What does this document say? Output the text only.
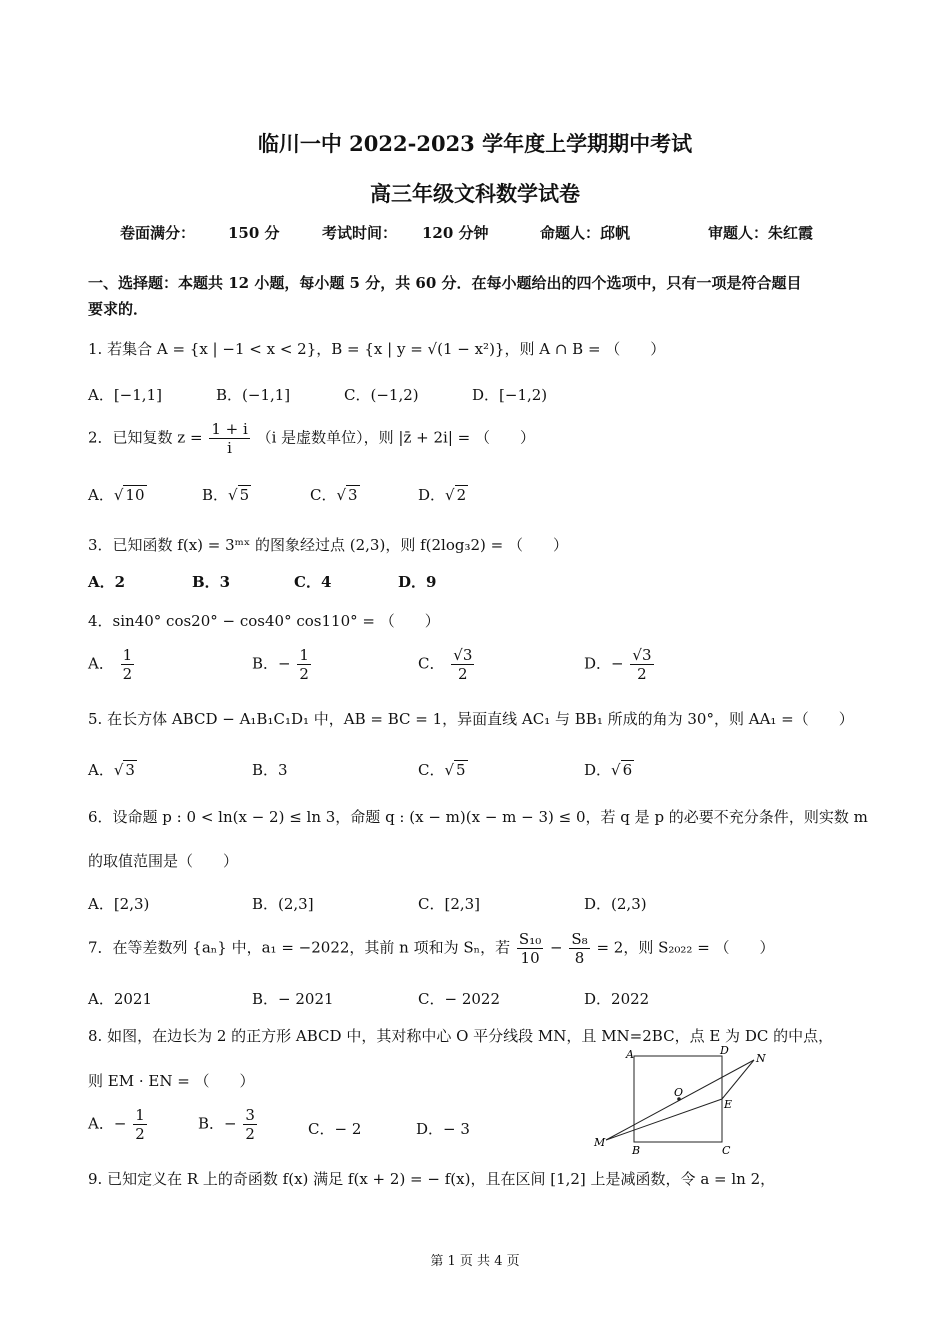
临川一中 2022-2023 学年度上学期期中考试
高三年级文科数学试卷
卷面满分： 150 分	考试时间： 120 分钟	命题人：邱帆	审题人：朱红霞
一、选择题：本题共 12 小题，每小题 5 分，共 60 分．在每小题给出的四个选项中，只有一项是符合题目
要求的．
1. 若集合 A = {x | −1 < x < 2}，B = {x | y = √(1 − x²)}，则 A ∩ B = （　　）
A．[−1,1]	B．(−1,1]	C．(−1,2)	D．[−1,2)
2．已知复数 $z = \frac{1 + i}{i} (i$ 是虚数单位），则 |z̄ + 2i| = （　　）
A．√ 10	B．√ 5	C．√ 3	D．√ 2
3．已知函数 f(x) = 3ᵐˣ 的图象经过点 (2,3)，则 f(2log₃2) = （　　）
A．2	B．3	C．4	D．9
4．sin40° cos20° − cos40° cos110° = （　　）
A． $\frac{1}{2}$	B．− $\frac{1}{2}$	C． $\frac{√3}{2}$	D．− $\frac{√3}{2}$
5. 在长方体 ABCD − A₁B₁C₁D₁ 中，AB = BC = 1，异面直线 AC₁ 与 BB₁ 所成的角为 30°，则 AA₁ =（　　）
A．√ 3	B．3	C．√ 5	D．√ 6
6．设命题 p : 0 < ln(x − 2) ≤ ln 3，命题 q : (x − m)(x − m − 3) ≤ 0，若 q 是 p 的必要不充分条件，则实数 m
的取值范围是（　　）
A．[2,3)	B．(2,3]	C．[2,3]	D．(2,3)
7．在等差数列 {aₙ} 中，a₁ = −2022，其前 n 项和为 Sₙ，若 $\frac{\text{S₁₀}}{10} - \frac{\text{S₈}}{8} = 2$，则 S₂₀₂₂ = （　　）
A．2021	B．− 2021	C．− 2022	D．2022
8. 如图，在边长为 2 的正方形 ABCD 中，其对称中心 O 平分线段 MN，且 MN=2BC，点 E 为 DC 的中点，
则 EM · EN = （　　）
A．− $\frac{1}{2}$	B．− $\frac{3}{2}$	C．− 2	D．− 3
A	D
N
O
E
M
B	C
9. 已知定义在 R 上的奇函数 f(x) 满足 f(x + 2) = − f(x)，且在区间 [1,2] 上是减函数，令 a = ln 2，
第 1 页 共 4 页
